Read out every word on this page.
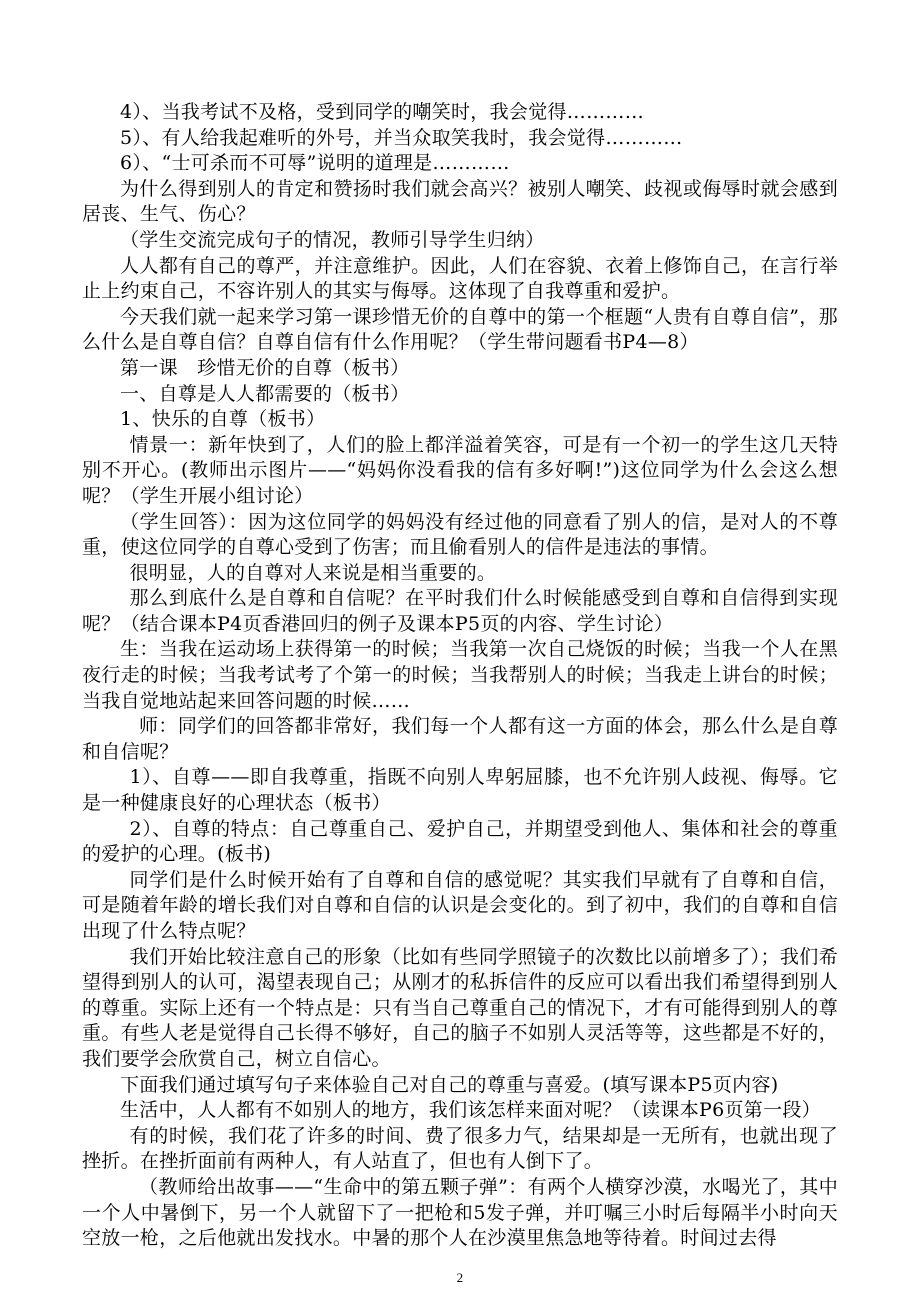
4）、当我考试不及格，受到同学的嘲笑时，我会觉得…………

5）、有人给我起难听的外号，并当众取笑我时，我会觉得…………

6）、“士可杀而不可辱”说明的道理是…………

为什么得到别人的肯定和赞扬时我们就会高兴？被别人嘲笑、歧视或侮辱时就会感到居丧、生气、伤心？

（学生交流完成句子的情况，教师引导学生归纳）

人人都有自己的尊严，并注意维护。因此，人们在容貌、衣着上修饰自己，在言行举止上约束自己，不容许别人的其实与侮辱。这体现了自我尊重和爱护。

今天我们就一起来学习第一课珍惜无价的自尊中的第一个框题“人贵有自尊自信”，那么什么是自尊自信？自尊自信有什么作用呢？（学生带问题看书P4—8）

第一课　珍惜无价的自尊（板书）

一、自尊是人人都需要的（板书）

1、快乐的自尊（板书）

情景一：新年快到了，人们的脸上都洋溢着笑容，可是有一个初一的学生这几天特别不开心。(教师出示图片——“妈妈你没看我的信有多好啊!”)这位同学为什么会这么想呢？（学生开展小组讨论）

（学生回答）：因为这位同学的妈妈没有经过他的同意看了别人的信，是对人的不尊重，使这位同学的自尊心受到了伤害；而且偷看别人的信件是违法的事情。

很明显，人的自尊对人来说是相当重要的。

那么到底什么是自尊和自信呢？在平时我们什么时候能感受到自尊和自信得到实现呢？（结合课本P4页香港回归的例子及课本P5页的内容、学生讨论）

生：当我在运动场上获得第一的时候；当我第一次自己烧饭的时候；当我一个人在黑夜行走的时候；当我考试考了个第一的时候；当我帮别人的时候；当我走上讲台的时候；当我自觉地站起来回答问题的时候……

师：同学们的回答都非常好，我们每一个人都有这一方面的体会，那么什么是自尊和自信呢？

1）、自尊——即自我尊重，指既不向别人卑躬屈膝，也不允许别人歧视、侮辱。它是一种健康良好的心理状态（板书）

2）、自尊的特点：自己尊重自己、爱护自己，并期望受到他人、集体和社会的尊重的爱护的心理。(板书)

同学们是什么时候开始有了自尊和自信的感觉呢？其实我们早就有了自尊和自信，可是随着年龄的增长我们对自尊和自信的认识是会变化的。到了初中，我们的自尊和自信出现了什么特点呢？

我们开始比较注意自己的形象（比如有些同学照镜子的次数比以前增多了）；我们希望得到别人的认可，渴望表现自己；从刚才的私拆信件的反应可以看出我们希望得到别人的尊重。实际上还有一个特点是：只有当自己尊重自己的情况下，才有可能得到别人的尊重。有些人老是觉得自己长得不够好，自己的脑子不如别人灵活等等，这些都是不好的，我们要学会欣赏自己，树立自信心。

下面我们通过填写句子来体验自己对自己的尊重与喜爱。(填写课本P5页内容)

生活中，人人都有不如别人的地方，我们该怎样来面对呢？（读课本P6页第一段）

有的时候，我们花了许多的时间、费了很多力气，结果却是一无所有，也就出现了挫折。在挫折面前有两种人，有人站直了，但也有人倒下了。

（教师给出故事——“生命中的第五颗子弹”：有两个人横穿沙漠，水喝光了，其中一个人中暑倒下，另一个人就留下了一把枪和5发子弹，并叮嘱三小时后每隔半小时向天空放一枪，之后他就出发找水。中暑的那个人在沙漠里焦急地等待着。时间过去得

2
